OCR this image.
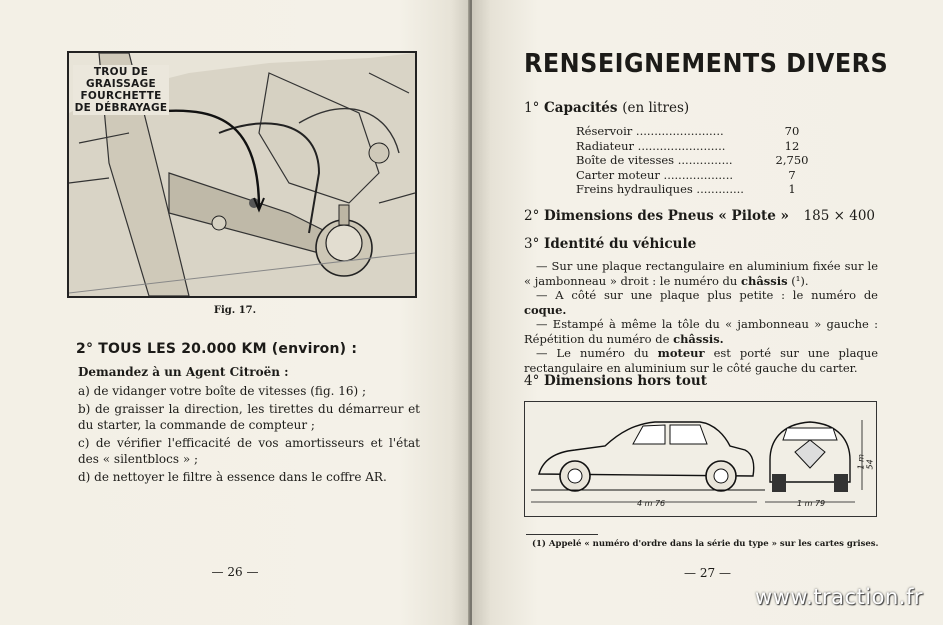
TROU DE
GRAISSAGE
FOURCHETTE
DE DÉBRAYAGE
Fig. 17.
2° TOUS LES 20.000 KM (environ) :

Demandez à un Agent Citroën :

a) de vidanger votre boîte de vitesses (fig. 16) ;

b) de graisser la direction, les tirettes du démarreur et du starter, la commande de compteur ;

c) de vérifier l'efficacité de vos amortisseurs et l'état des « silentblocs » ;

d) de nettoyer le filtre à essence dans le coffre AR.

— 26 —
RENSEIGNEMENTS DIVERS
1° Capacités (en litres)
Réservoir ........................	70
Radiateur ........................	12
Boîte de vitesses ...............	2,750
Carter moteur ...................	7
Freins hydrauliques .............	1
2° Dimensions des Pneus « Pilote » 185 × 400
3° Identité du véhicule

— Sur une plaque rectangulaire en aluminium fixée sur le « jambonneau » droit : le numéro du châssis (¹).

— A côté sur une plaque plus petite : le numéro de coque.

— Estampé à même la tôle du « jambonneau » gauche : Répétition du numéro de châssis.

— Le numéro du moteur est porté sur une plaque rectangulaire en aluminium sur le côté gauche du carter.

4° Dimensions hors tout
4 m 76	1 m 79
1 m 54
(1) Appelé « numéro d'ordre dans la série du type » sur les cartes grises.
— 27 —
www.traction.fr
